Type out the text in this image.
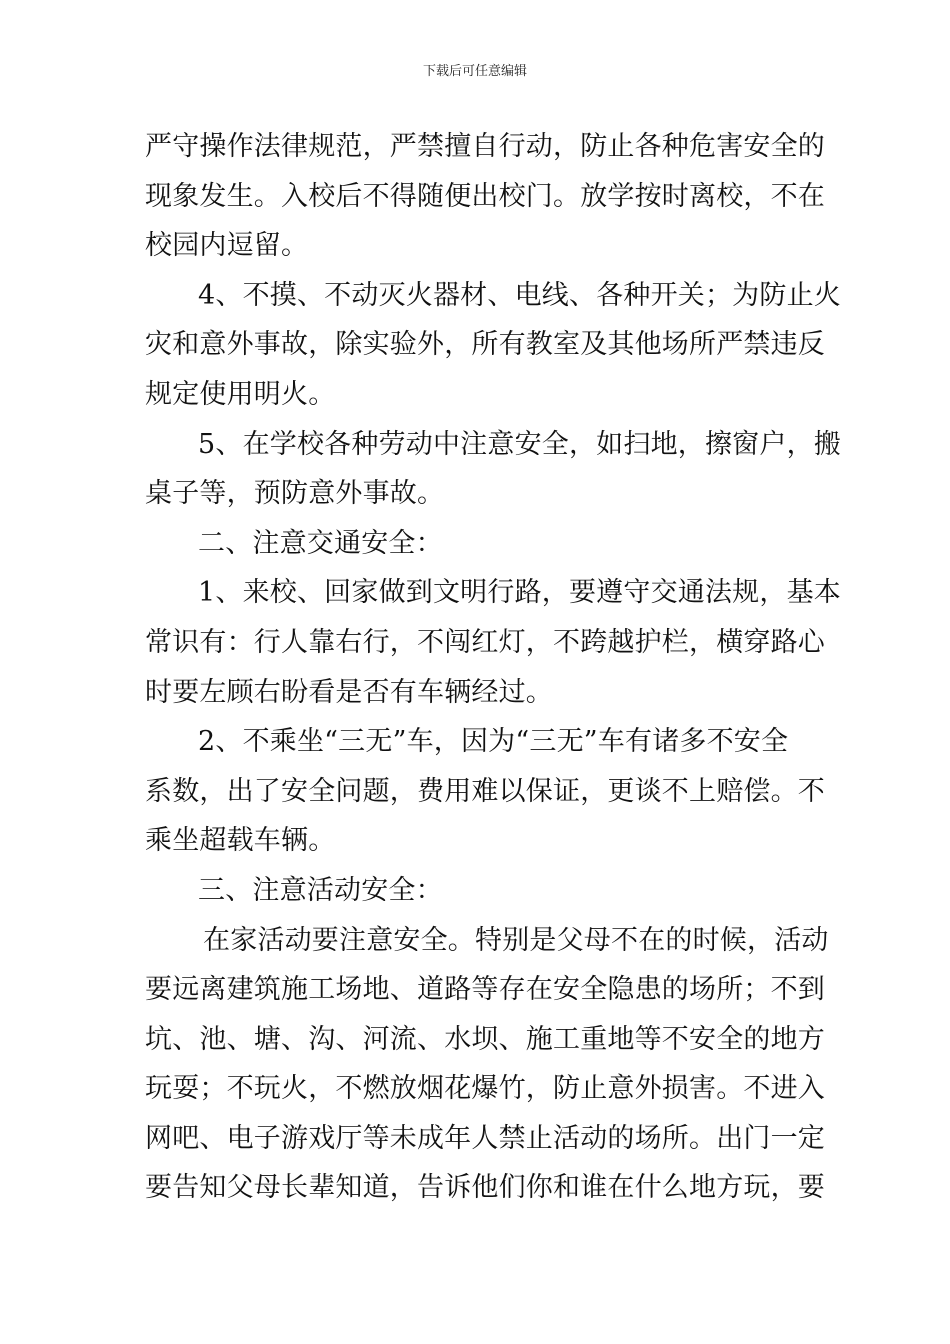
下载后可任意编辑
严守操作法律规范，严禁擅自行动，防止各种危害安全的
现象发生。入校后不得随便出校门。放学按时离校，不在
校园内逗留。
4、不摸、不动灭火器材、电线、各种开关；为防止火
灾和意外事故，除实验外，所有教室及其他场所严禁违反
规定使用明火。
5、在学校各种劳动中注意安全，如扫地，擦窗户，搬
桌子等，预防意外事故。
二、注意交通安全：
1、来校、回家做到文明行路，要遵守交通法规，基本
常识有：行人靠右行，不闯红灯，不跨越护栏，横穿路心
时要左顾右盼看是否有车辆经过。
2、不乘坐“三无”车，因为“三无”车有诸多不安全
系数，出了安全问题，费用难以保证，更谈不上赔偿。不
乘坐超载车辆。
三、注意活动安全：
在家活动要注意安全。特别是父母不在的时候，活动
要远离建筑施工场地、道路等存在安全隐患的场所；不到
坑、池、塘、沟、河流、水坝、施工重地等不安全的地方
玩耍；不玩火，不燃放烟花爆竹，防止意外损害。不进入
网吧、电子游戏厅等未成年人禁止活动的场所。出门一定
要告知父母长辈知道，告诉他们你和谁在什么地方玩，要
